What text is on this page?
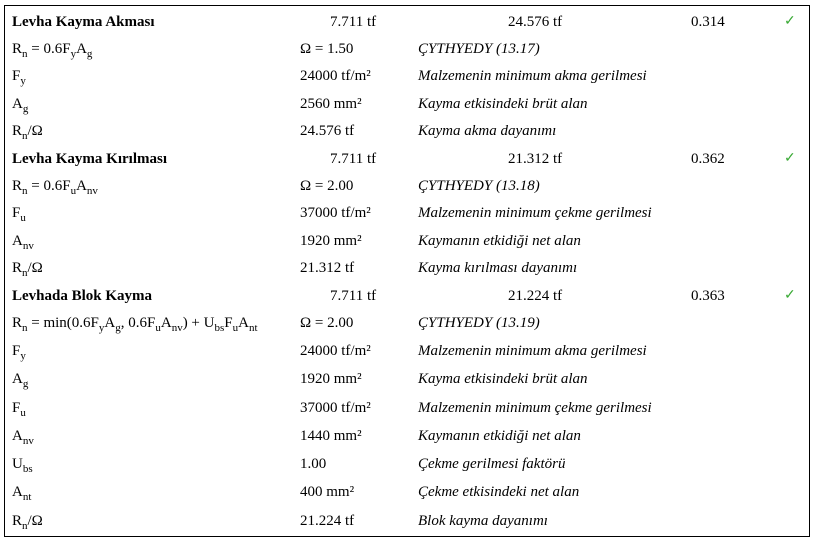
Levha Kayma Akması	7.711 tf	24.576 tf	0.314	✓
$R_n = 0.6F_yA_g$	Ω = 1.50	ÇYTHYEDY (13.17)
$F_y$	24000 tf/m²	Malzemenin minimum akma gerilmesi
$A_g$	2560 mm²	Kayma etkisindeki brüt alan
$R_n/\Omega$	24.576 tf	Kayma akma dayanımı
Levha Kayma Kırılması	7.711 tf	21.312 tf	0.362	✓
$R_n = 0.6F_uA_{nv}$	Ω = 2.00	ÇYTHYEDY (13.18)
$F_u$	37000 tf/m²	Malzemenin minimum çekme gerilmesi
$A_{nv}$	1920 mm²	Kaymanın etkidiği net alan
$R_n/\Omega$	21.312 tf	Kayma kırılması dayanımı
Levhada Blok Kayma	7.711 tf	21.224 tf	0.363	✓
$R_n = \min(0.6F_yA_g$, $0.6F_uA_{nv}) + U_{bs}F_uA_{nt}$	Ω = 2.00	ÇYTHYEDY (13.19)
$F_y$	24000 tf/m²	Malzemenin minimum akma gerilmesi
$A_g$	1920 mm²	Kayma etkisindeki brüt alan
$F_u$	37000 tf/m²	Malzemenin minimum çekme gerilmesi
$A_{nv}$	1440 mm²	Kaymanın etkidiği net alan
$U_{bs}$	1.00	Çekme gerilmesi faktörü
$A_{nt}$	400 mm²	Çekme etkisindeki net alan
$R_n/\Omega$	21.224 tf	Blok kayma dayanımı
